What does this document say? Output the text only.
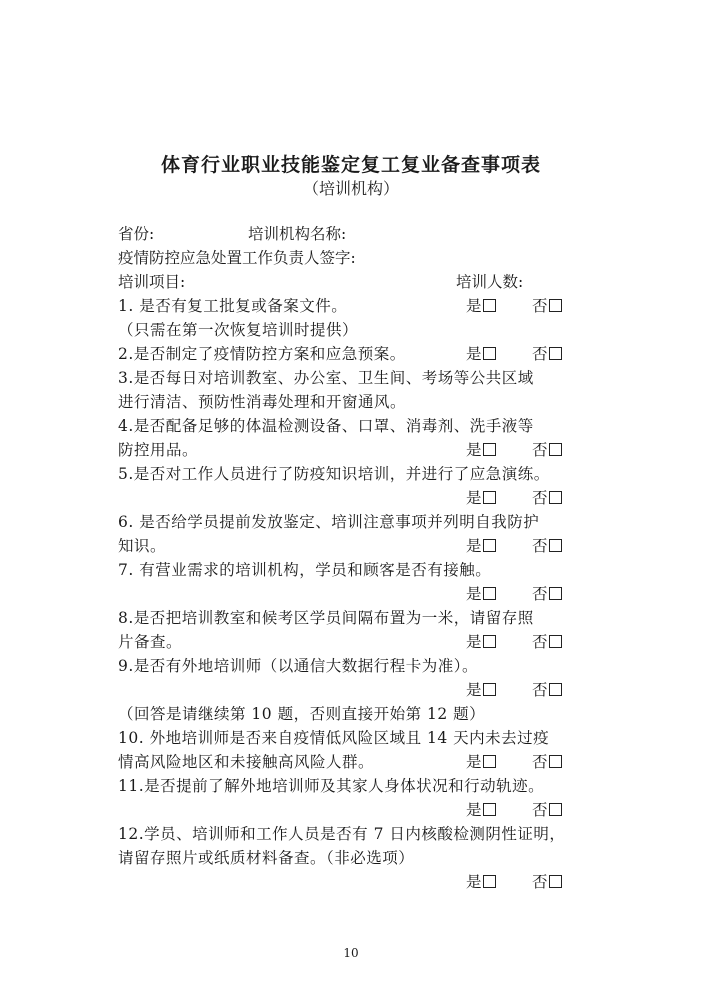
体育行业职业技能鉴定复工复业备查事项表
（培训机构）
省份:	培训机构名称:
疫情防控应急处置工作负责人签字:
培训项目:	培训人数:
1. 是否有复工批复或备案文件。	是	否
（只需在第一次恢复培训时提供）
2.是否制定了疫情防控方案和应急预案。	是	否
3.是否每日对培训教室、办公室、卫生间、考场等公共区域
进行清洁、预防性消毒处理和开窗通风。
4.是否配备足够的体温检测设备、口罩、消毒剂、洗手液等
防控用品。	是	否
5.是否对工作人员进行了防疫知识培训，并进行了应急演练。
是	否
6. 是否给学员提前发放鉴定、培训注意事项并列明自我防护
知识。	是	否
7. 有营业需求的培训机构，学员和顾客是否有接触。
是	否
8.是否把培训教室和候考区学员间隔布置为一米，请留存照
片备查。	是	否
9.是否有外地培训师（以通信大数据行程卡为准）。
是	否
（回答是请继续第 10 题，否则直接开始第 12 题）
10. 外地培训师是否来自疫情低风险区域且 14 天内未去过疫
情高风险地区和未接触高风险人群。	是	否
11.是否提前了解外地培训师及其家人身体状况和行动轨迹。
是	否
12.学员、培训师和工作人员是否有 7 日内核酸检测阴性证明，
请留存照片或纸质材料备查。（非必选项）
是	否
10
